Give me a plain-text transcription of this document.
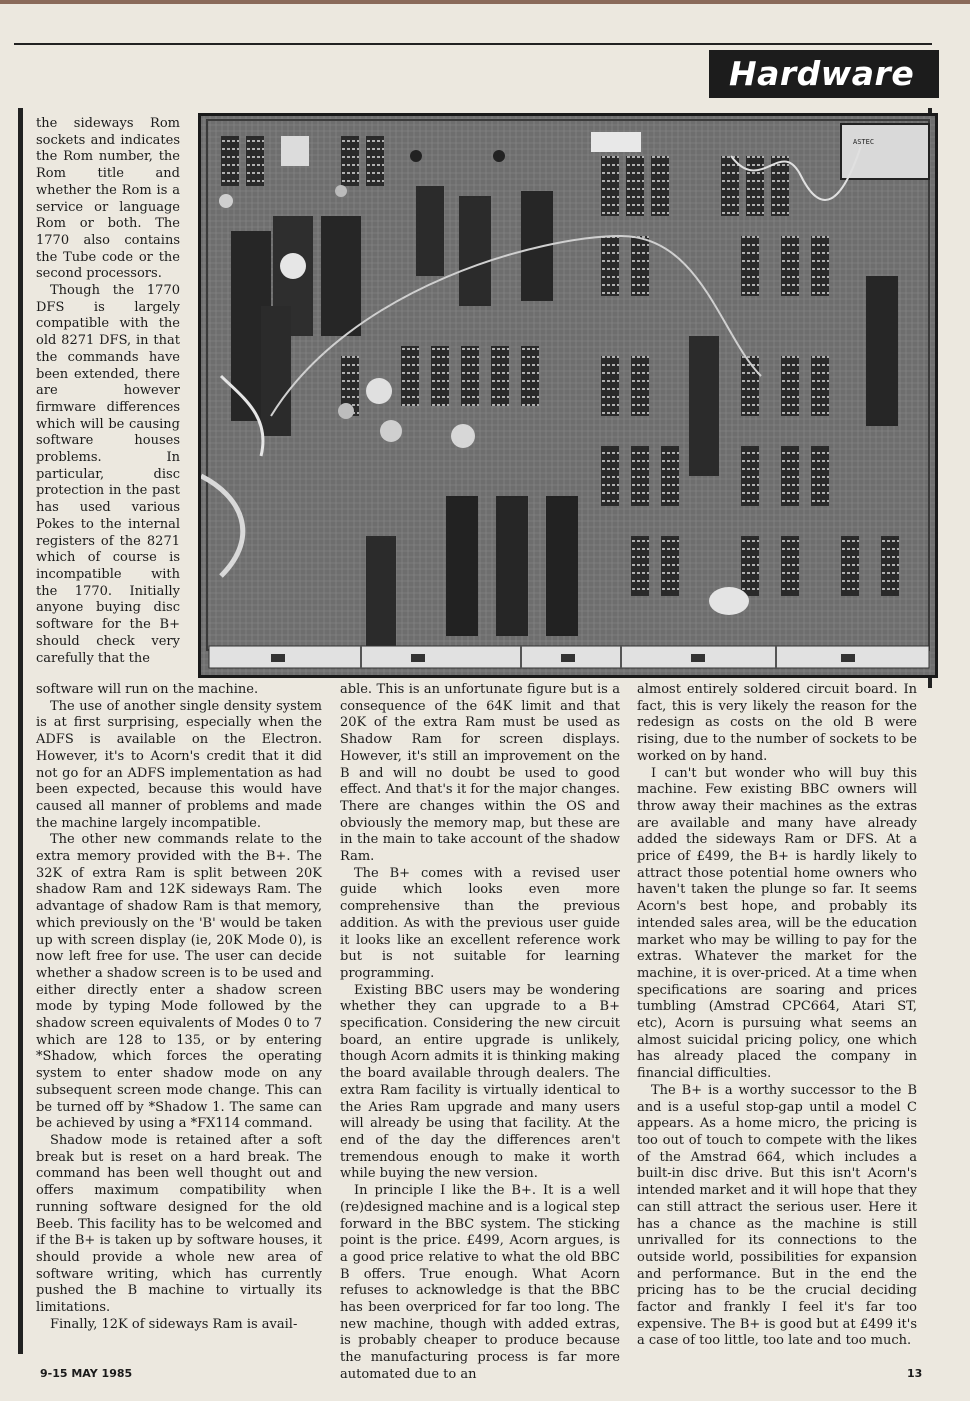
Hardware
ASTEC

the sideways Rom sockets and indicates the Rom number, the Rom title and whether the Rom is a service or language Rom or both. The 1770 also contains the Tube code or the second processors.

Though the 1770 DFS is largely compatible with the old 8271 DFS, in that the commands have been extended, there are however firmware differences which will be causing software houses problems. In particular, disc protection in the past has used various Pokes to the internal registers of the 8271 which of course is incompatible with the 1770. Initially anyone buying disc software for the B+ should check very carefully that the

software will run on the machine.

The use of another single density system is at first surprising, especially when the ADFS is available on the Electron. However, it's to Acorn's credit that it did not go for an ADFS implementation as had been expected, because this would have caused all manner of problems and made the machine largely incompatible.

The other new commands relate to the extra memory provided with the B+. The 32K of extra Ram is split between 20K shadow Ram and 12K sideways Ram. The advantage of shadow Ram is that memory, which previously on the 'B' would be taken up with screen display (ie, 20K Mode 0), is now left free for use. The user can decide whether a shadow screen is to be used and either directly enter a shadow screen mode by typing Mode followed by the shadow screen equivalents of Modes 0 to 7 which are 128 to 135, or by entering *Shadow, which forces the operating system to enter shadow mode on any subsequent screen mode change. This can be turned off by *Shadow 1. The same can be achieved by using a *FX114 command.

Shadow mode is retained after a soft break but is reset on a hard break. The command has been well thought out and offers maximum compatibility when running software designed for the old Beeb. This facility has to be welcomed and if the B+ is taken up by software houses, it should provide a whole new area of software writing, which has currently pushed the B machine to virtually its limitations.

Finally, 12K of sideways Ram is avail-

able. This is an unfortunate figure but is a consequence of the 64K limit and that 20K of the extra Ram must be used as Shadow Ram for screen displays. However, it's still an improvement on the B and will no doubt be used to good effect. And that's it for the major changes. There are changes within the OS and obviously the memory map, but these are in the main to take account of the shadow Ram.

The B+ comes with a revised user guide which looks even more comprehensive than the previous addition. As with the previous user guide it looks like an excellent reference work but is not suitable for learning programming.

Existing BBC users may be wondering whether they can upgrade to a B+ specification. Considering the new circuit board, an entire upgrade is unlikely, though Acorn admits it is thinking making the board available through dealers. The extra Ram facility is virtually identical to the Aries Ram upgrade and many users will already be using that facility. At the end of the day the differences aren't tremendous enough to make it worth while buying the new version.

In principle I like the B+. It is a well (re)designed machine and is a logical step forward in the BBC system. The sticking point is the price. £499, Acorn argues, is a good price relative to what the old BBC B offers. True enough. What Acorn refuses to acknowledge is that the BBC has been overpriced for far too long. The new machine, though with added extras, is probably cheaper to produce because the manufacturing process is far more automated due to an

almost entirely soldered circuit board. In fact, this is very likely the reason for the redesign as costs on the old B were rising, due to the number of sockets to be worked on by hand.

I can't but wonder who will buy this machine. Few existing BBC owners will throw away their machines as the extras are available and many have already added the sideways Ram or DFS. At a price of £499, the B+ is hardly likely to attract those potential home owners who haven't taken the plunge so far. It seems Acorn's best hope, and probably its intended sales area, will be the education market who may be willing to pay for the extras. Whatever the market for the machine, it is over-priced. At a time when specifications are soaring and prices tumbling (Amstrad CPC664, Atari ST, etc), Acorn is pursuing what seems an almost suicidal pricing policy, one which has already placed the company in financial difficulties.

The B+ is a worthy successor to the B and is a useful stop-gap until a model C appears. As a home micro, the pricing is too out of touch to compete with the likes of the Amstrad 664, which includes a built-in disc drive. But this isn't Acorn's intended market and it will hope that they can still attract the serious user. Here it has a chance as the machine is still unrivalled for its connections to the outside world, possibilities for expansion and performance. But in the end the pricing has to be the crucial deciding factor and frankly I feel it's far too expensive. The B+ is good but at £499 it's a case of too little, too late and too much.

9-15 MAY 1985	13
